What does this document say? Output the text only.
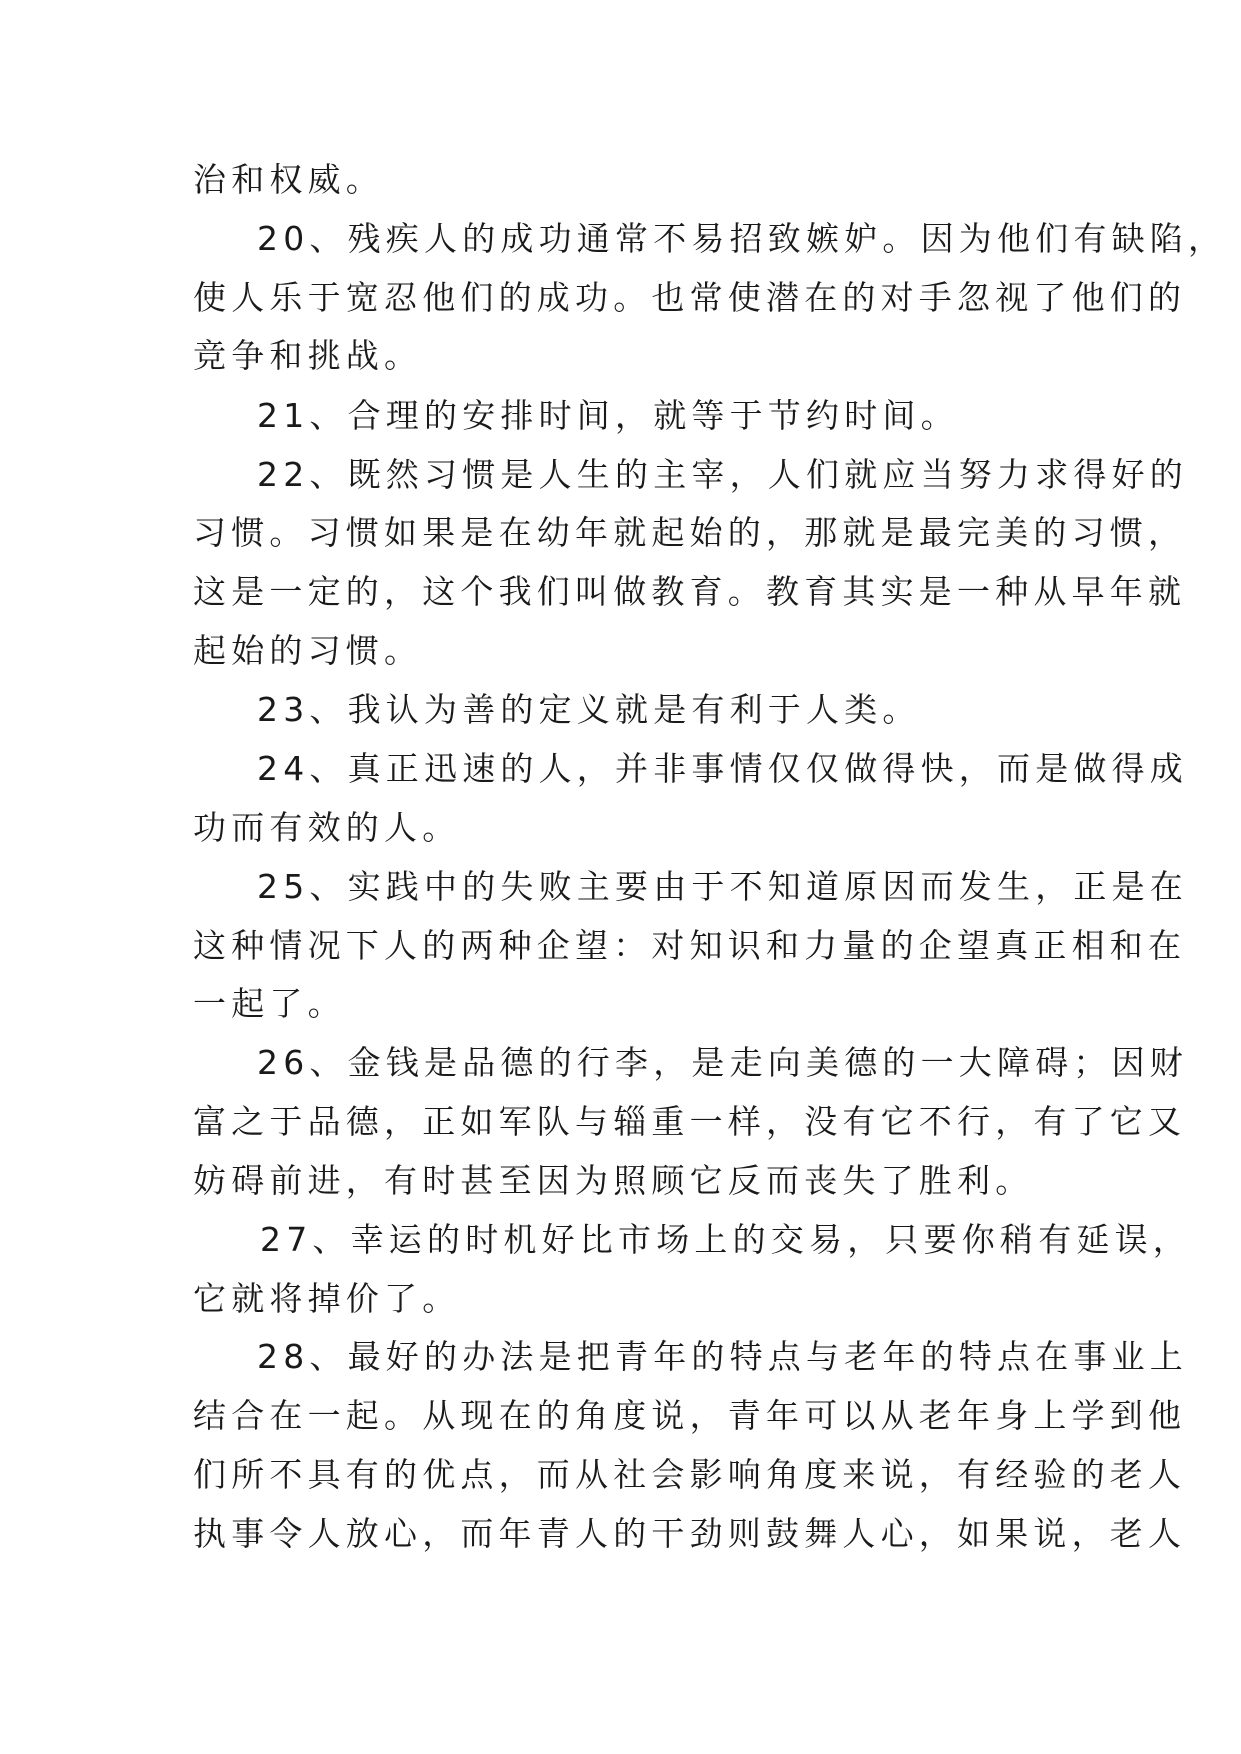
治和权威。
20、残疾人的成功通常不易招致嫉妒。因为他们有缺陷，
使人乐于宽忍他们的成功。也常使潜在的对手忽视了他们的
竞争和挑战。
21、合理的安排时间，就等于节约时间。
22、既然习惯是人生的主宰，人们就应当努力求得好的
习惯。习惯如果是在幼年就起始的，那就是最完美的习惯，
这是一定的，这个我们叫做教育。教育其实是一种从早年就
起始的习惯。
23、我认为善的定义就是有利于人类。
24、真正迅速的人，并非事情仅仅做得快，而是做得成
功而有效的人。
25、实践中的失败主要由于不知道原因而发生，正是在
这种情况下人的两种企望：对知识和力量的企望真正相和在
一起了。
26、金钱是品德的行李，是走向美德的一大障碍；因财
富之于品德，正如军队与辎重一样，没有它不行，有了它又
妨碍前进，有时甚至因为照顾它反而丧失了胜利。
27、幸运的时机好比市场上的交易，只要你稍有延误，
它就将掉价了。
28、最好的办法是把青年的特点与老年的特点在事业上
结合在一起。从现在的角度说，青年可以从老年身上学到他
们所不具有的优点，而从社会影响角度来说，有经验的老人
执事令人放心，而年青人的干劲则鼓舞人心，如果说，老人
